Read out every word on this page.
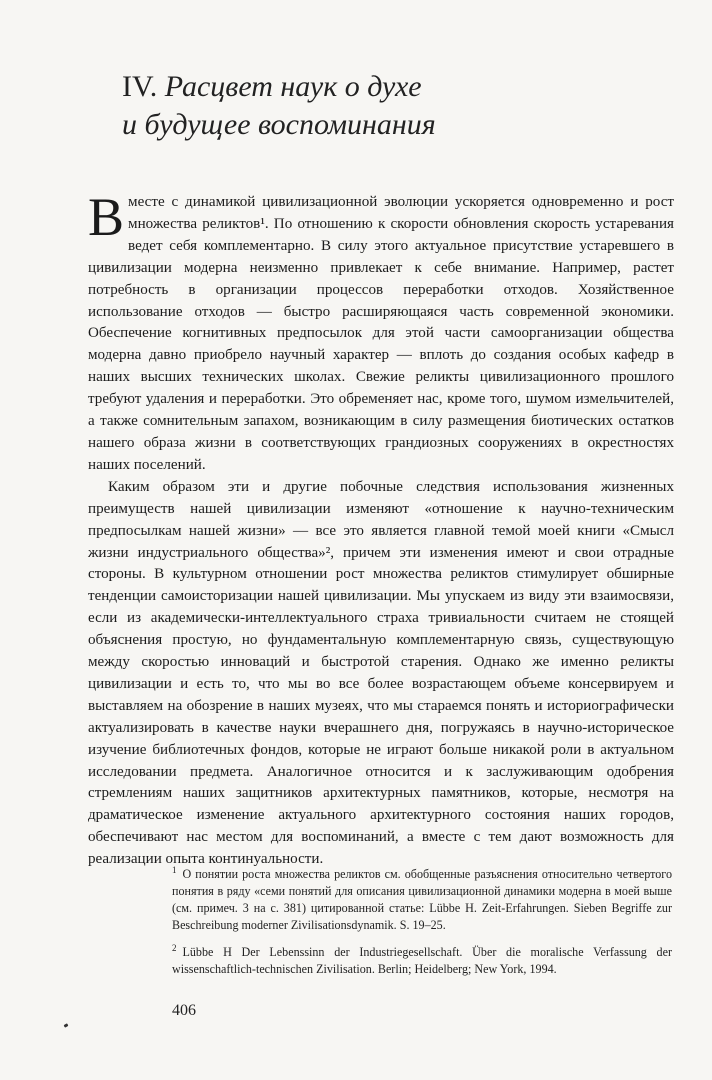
IV. Расцвет наук о духе
и будущее воспоминания

Вместе с динамикой цивилизационной эволюции ускоряется одновременно и рост множества реликтов¹. По отношению к скорости обновления скорость устаревания ведет себя комплементарно. В силу этого актуальное присутствие устаревшего в цивилизации модерна неизменно привлекает к себе внимание. Например, растет потребность в организации процессов переработки отходов. Хозяйственное использование отходов — быстро расширяющаяся часть современной экономики. Обеспечение когнитивных предпосылок для этой части самоорганизации общества модерна давно приобрело научный характер — вплоть до создания особых кафедр в наших высших технических школах. Свежие реликты цивилизационного прошлого требуют удаления и переработки. Это обременяет нас, кроме того, шумом измельчителей, а также сомнительным запахом, возникающим в силу размещения биотических остатков нашего образа жизни в соответствующих грандиозных сооружениях в окрестностях наших поселений.

Каким образом эти и другие побочные следствия использования жизненных преимуществ нашей цивилизации изменяют «отношение к научно-техническим предпосылкам нашей жизни» — все это является главной темой моей книги «Смысл жизни индустриального общества»², причем эти изменения имеют и свои отрадные стороны. В культурном отношении рост множества реликтов стимулирует обширные тенденции самоисторизации нашей цивилизации. Мы упускаем из виду эти взаимосвязи, если из академически-интеллектуального страха тривиальности считаем не стоящей объяснения простую, но фундаментальную комплементарную связь, существующую между скоростью инноваций и быстротой старения. Однако же именно реликты цивилизации и есть то, что мы во все более возрастающем объеме консервируем и выставляем на обозрение в наших музеях, что мы стараемся понять и историографически актуализировать в качестве науки вчерашнего дня, погружаясь в научно-историческое изучение библиотечных фондов, которые не играют больше никакой роли в актуальном исследовании предмета. Аналогичное относится и к заслуживающим одобрения стремлениям наших защитников архитектурных памятников, которые, несмотря на драматическое изменение актуального архитектурного состояния наших городов, обеспечивают нас местом для воспоминаний, а вместе с тем дают возможность для реализации опыта континуальности.

$^1$ О понятии роста множества реликтов см. обобщенные разъяснения относительно четвертого понятия в ряду «семи понятий для описания цивилизационной динамики модерна в моей выше (см. примеч. 3 на с. 381) цитированной статье: Lübbe H. Zeit-Erfahrungen. Sieben Begriffe zur Beschreibung moderner Zivilisationsdynamik. S. 19–25.
$^2$ Lübbe H Der Lebenssinn der Industriegesellschaft. Über die moralische Verfassung der wissenschaftlich-technischen Zivilisation. Berlin; Heidelberg; New York, 1994.
406
